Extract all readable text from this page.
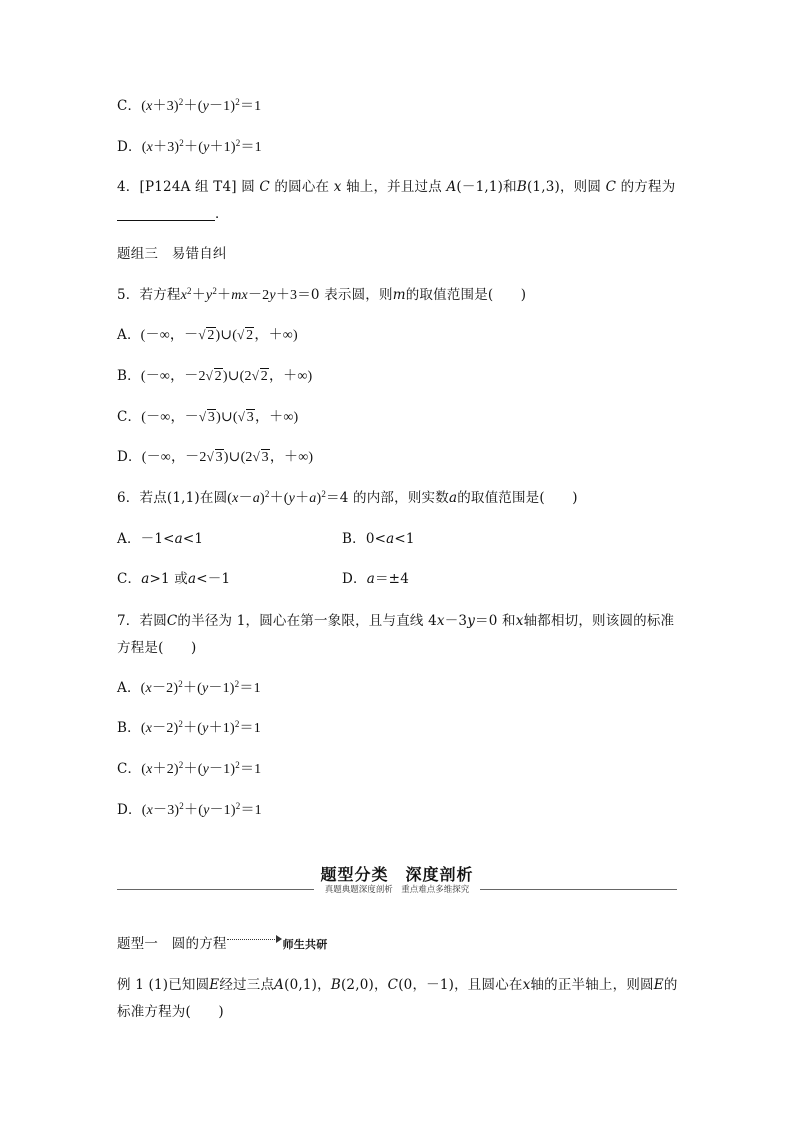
C．$(x+3)^2+(y-1)^2=1$
D．$(x+3)^2+(y+1)^2=1$
4．[P124A 组 T4] 圆 C 的圆心在 x 轴上，并且过点 A(－1,1)和B(1,3)，则圆 C 的方程为
．
题组三　易错自纠
5．若方程$x^2+y^2+mx-2y+3=0$ 表示圆，则m的取值范围是(　　)
A．(－∞，－ √ 2)∪( √ 2，＋∞)
B．(－∞，－2 √ 2)∪(2 √ 2，＋∞)
C．(－∞，－ √ 3)∪( √ 3，＋∞)
D．(－∞，－2 √ 3)∪(2 √ 3，＋∞)
6．若点(1,1)在圆$(x-a)^2+(y+a)^2=4$ 的内部，则实数a的取值范围是(　　)
A．－1<a<1	B．0<a<1
C．a>1 或a<－1	D．a＝±4
7．若圆C的半径为 1，圆心在第一象限，且与直线 4x－3y＝0 和x轴都相切，则该圆的标准
方程是(　　)
A．$(x-2)^2+(y-1)^2=1$
B．$(x-2)^2+(y+1)^2=1$
C．$(x+2)^2+(y-1)^2=1$
D．$(x-3)^2+(y-1)^2=1$
题型分类　深度剖析
真题典题深度剖析　重点难点多维探究
题型一　圆的方程	师生共研
例 1 (1)已知圆E经过三点A(0,1)，B(2,0)，C(0，－1)，且圆心在x轴的正半轴上，则圆E的
标准方程为(　　)
